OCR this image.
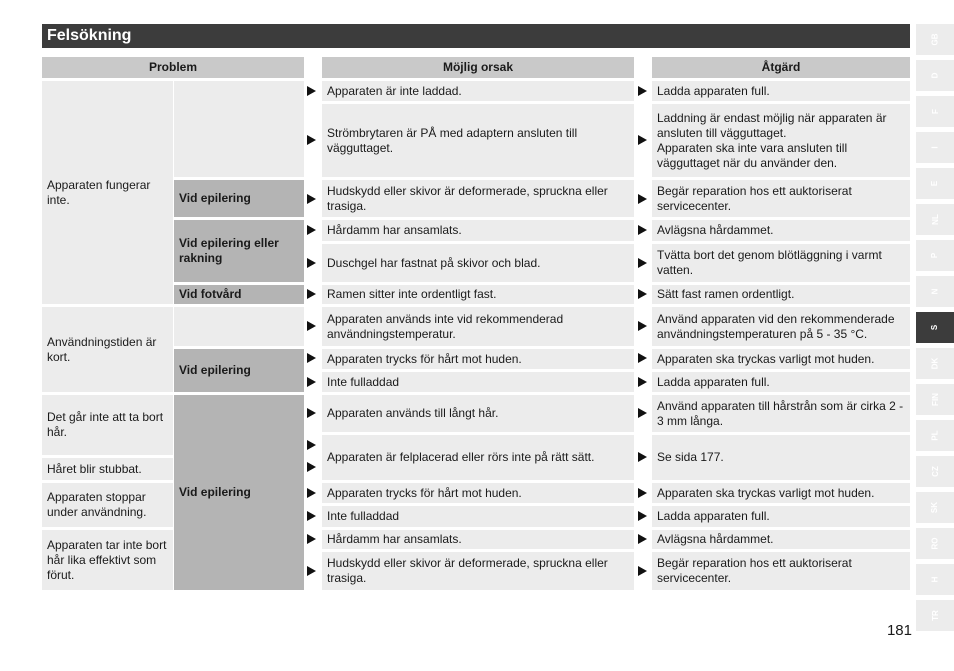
Felsökning
Problem	Möjlig orsak	Åtgärd
Apparaten fungerar inte.
Användningstiden är kort.
Det går inte att ta bort hår.
Håret blir stubbat.
Apparaten stoppar under användning.
Apparaten tar inte bort hår lika effektivt som förut.
Vid epilering
Vid epilering eller rakning
Vid fotvård
Vid epilering
Vid epilering
Apparaten är inte laddad.
Strömbrytaren är PÅ med adaptern ansluten till vägguttaget.
Hudskydd eller skivor är deformerade, spruckna eller trasiga.
Hårdamm har ansamlats.
Duschgel har fastnat på skivor och blad.
Ramen sitter inte ordentligt fast.
Apparaten används inte vid rekommenderad användningstemperatur.
Apparaten trycks för hårt mot huden.
Inte fulladdad
Apparaten används till långt hår.
Apparaten är felplacerad eller rörs inte på rätt sätt.
Apparaten trycks för hårt mot huden.
Inte fulladdad
Hårdamm har ansamlats.
Hudskydd eller skivor är deformerade, spruckna eller trasiga.
Ladda apparaten full.
Laddning är endast möjlig när apparaten är ansluten till vägguttaget.
Apparaten ska inte vara ansluten till vägguttaget när du använder den.
Begär reparation hos ett auktoriserat servicecenter.
Avlägsna hårdammet.
Tvätta bort det genom blötläggning i varmt vatten.
Sätt fast ramen ordentligt.
Använd apparaten vid den rekommenderade användningstemperaturen på 5 - 35 °C.
Apparaten ska tryckas varligt mot huden.
Ladda apparaten full.
Använd apparaten till hårstrån som är cirka 2 - 3 mm långa.
Se sida 177.
Apparaten ska tryckas varligt mot huden.
Ladda apparaten full.
Avlägsna hårdammet.
Begär reparation hos ett auktoriserat servicecenter.
GB
D
F
I
E
NL
P
N
S
DK
FIN
PL
CZ
SK
RO
H
TR
181
